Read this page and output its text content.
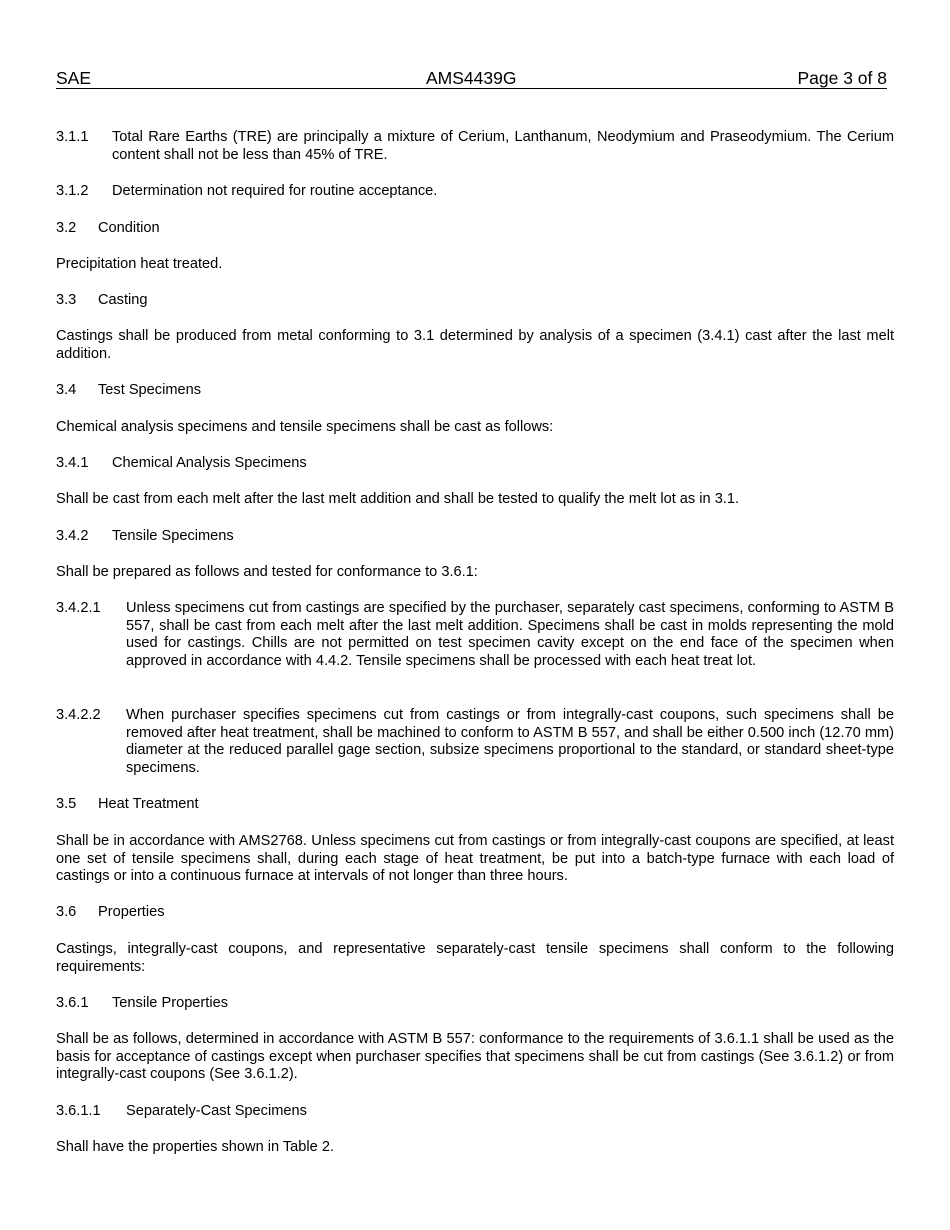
SAE	AMS4439G	Page 3 of 8
3.1.1 Total Rare Earths (TRE) are principally a mixture of Cerium, Lanthanum, Neodymium and Praseodymium. The Cerium content shall not be less than 45% of TRE.
3.1.2 Determination not required for routine acceptance.
3.2 Condition
Precipitation heat treated.
3.3 Casting
Castings shall be produced from metal conforming to 3.1 determined by analysis of a specimen (3.4.1) cast after the last melt addition.
3.4 Test Specimens
Chemical analysis specimens and tensile specimens shall be cast as follows:
3.4.1 Chemical Analysis Specimens
Shall be cast from each melt after the last melt addition and shall be tested to qualify the melt lot as in 3.1.
3.4.2 Tensile Specimens
Shall be prepared as follows and tested for conformance to 3.6.1:
3.4.2.1 Unless specimens cut from castings are specified by the purchaser, separately cast specimens, conforming to ASTM B 557, shall be cast from each melt after the last melt addition. Specimens shall be cast in molds representing the mold used for castings. Chills are not permitted on test specimen cavity except on the end face of the specimen when approved in accordance with 4.4.2. Tensile specimens shall be processed with each heat treat lot.
3.4.2.2 When purchaser specifies specimens cut from castings or from integrally-cast coupons, such specimens shall be removed after heat treatment, shall be machined to conform to ASTM B 557, and shall be either 0.500 inch (12.70 mm) diameter at the reduced parallel gage section, subsize specimens proportional to the standard, or standard sheet-type specimens.
3.5 Heat Treatment
Shall be in accordance with AMS2768. Unless specimens cut from castings or from integrally-cast coupons are specified, at least one set of tensile specimens shall, during each stage of heat treatment, be put into a batch-type furnace with each load of castings or into a continuous furnace at intervals of not longer than three hours.
3.6 Properties
Castings, integrally-cast coupons, and representative separately-cast tensile specimens shall conform to the following requirements:
3.6.1 Tensile Properties
Shall be as follows, determined in accordance with ASTM B 557: conformance to the requirements of 3.6.1.1 shall be used as the basis for acceptance of castings except when purchaser specifies that specimens shall be cut from castings (See 3.6.1.2) or from integrally-cast coupons (See 3.6.1.2).
3.6.1.1 Separately-Cast Specimens
Shall have the properties shown in Table 2.
